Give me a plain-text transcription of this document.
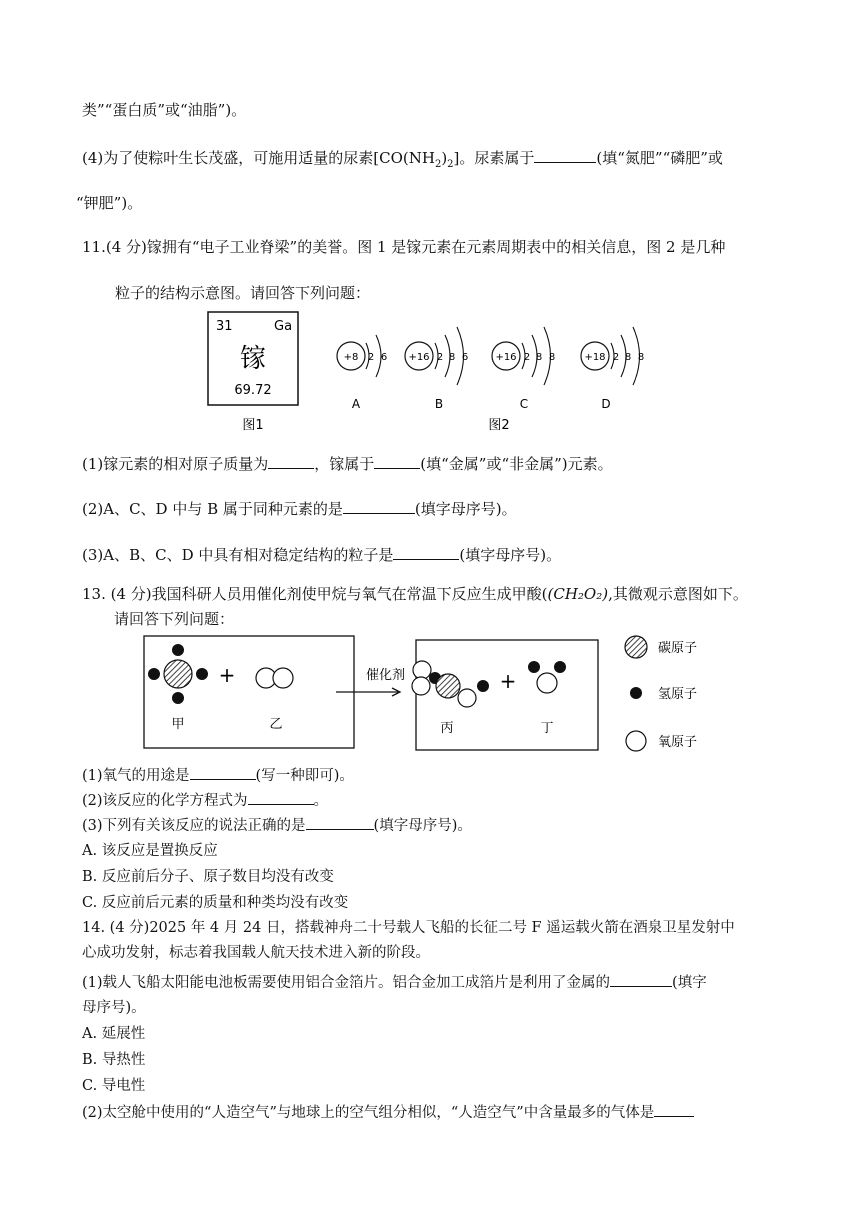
类”“蛋白质”或“油脂”)。
(4)为了使粽叶生长茂盛，可施用适量的尿素$[CO(NH_2)_2]$。尿素属于	(填“氮肥”“磷肥”或
“钾肥”)。
11.(4 分)镓拥有“电子工业脊梁”的美誉。图 1 是镓元素在元素周期表中的相关信息，图 2 是几种
粒子的结构示意图。请回答下列问题：
31	Ga
镓
69.72
图1
+8 2 6
A
+16 2 8 6
B
+16 2 8 8
C
+18 2 8 8
D
图2
(1)镓元素的相对原子质量为	，镓属于	(填“金属”或“非金属”)元素。
(2)A、C、D 中与 B 属于同种元素的是	(填字母序号)。
(3)A、B、C、D 中具有相对稳定结构的粒子是	(填字母序号)。
13. (4 分)我国科研人员用催化剂使甲烷与氧气在常温下反应生成甲酸((CH₂O₂),其微观示意图如下。
请回答下列问题：
+
甲	乙
催化剂	+
丙	丁
碳原子
氢原子
氧原子
(1)氧气的用途是	(写一种即可)。
(2)该反应的化学方程式为	。
(3)下列有关该反应的说法正确的是	(填字母序号)。
A. 该反应是置换反应
B. 反应前后分子、原子数目均没有改变
C. 反应前后元素的质量和种类均没有改变
14. (4 分)2025 年 4 月 24 日，搭载神舟二十号载人飞船的长征二号 F 遥运载火箭在酒泉卫星发射中
心成功发射，标志着我国载人航天技术进入新的阶段。
(1)载人飞船太阳能电池板需要使用铝合金箔片。铝合金加工成箔片是利用了金属的	(填字
母序号)。
A. 延展性
B. 导热性
C. 导电性
(2)太空舱中使用的“人造空气”与地球上的空气组分相似，“人造空气”中含量最多的气体是
